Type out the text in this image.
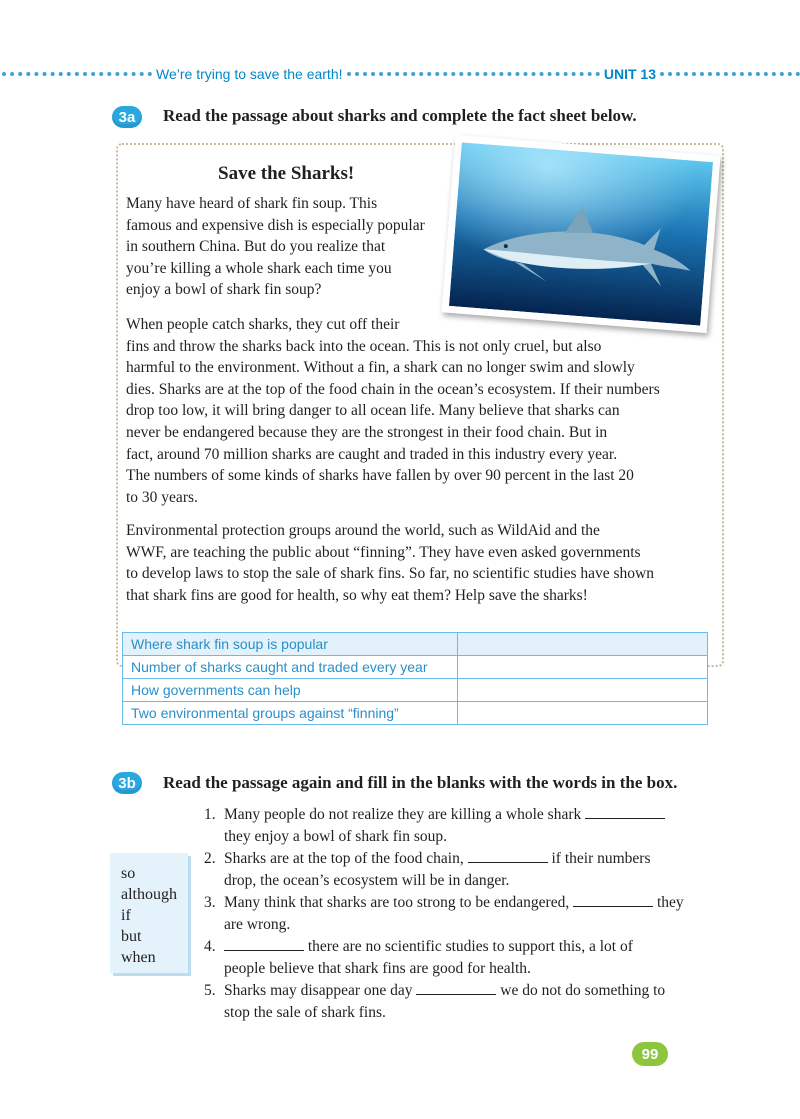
We’re trying to save the earth!	UNIT 13
3a	Read the passage about sharks and complete the fact sheet below.
Save the Sharks!
Many have heard of shark fin soup. This
famous and expensive dish is especially popular
in southern China. But do you realize that
you’re killing a whole shark each time you
enjoy a bowl of shark fin soup?
When people catch sharks, they cut off their
fins and throw the sharks back into the ocean. This is not only cruel, but also
harmful to the environment. Without a fin, a shark can no longer swim and slowly
dies. Sharks are at the top of the food chain in the ocean’s ecosystem. If their numbers
drop too low, it will bring danger to all ocean life. Many believe that sharks can
never be endangered because they are the strongest in their food chain. But in
fact, around 70 million sharks are caught and traded in this industry every year.
The numbers of some kinds of sharks have fallen by over 90 percent in the last 20
to 30 years.
Environmental protection groups around the world, such as WildAid and the
WWF, are teaching the public about “finning”. They have even asked governments
to develop laws to stop the sale of shark fins. So far, no scientific studies have shown
that shark fins are good for health, so why eat them? Help save the sharks!
Where shark fin soup is popular	
Number of sharks caught and traded every year	
How governments can help	
Two environmental groups against “finning”	
3b	Read the passage again and fill in the blanks with the words in the box.
so
although
if
but
when
1. Many people do not realize they are killing a whole shark
they enjoy a bowl of shark fin soup.
2. Sharks are at the top of the food chain,	if their numbers
drop, the ocean’s ecosystem will be in danger.
3. Many think that sharks are too strong to be endangered,	they
are wrong.
4.	there are no scientific studies to support this, a lot of
people believe that shark fins are good for health.
5. Sharks may disappear one day	we do not do something to
stop the sale of shark fins.
99
